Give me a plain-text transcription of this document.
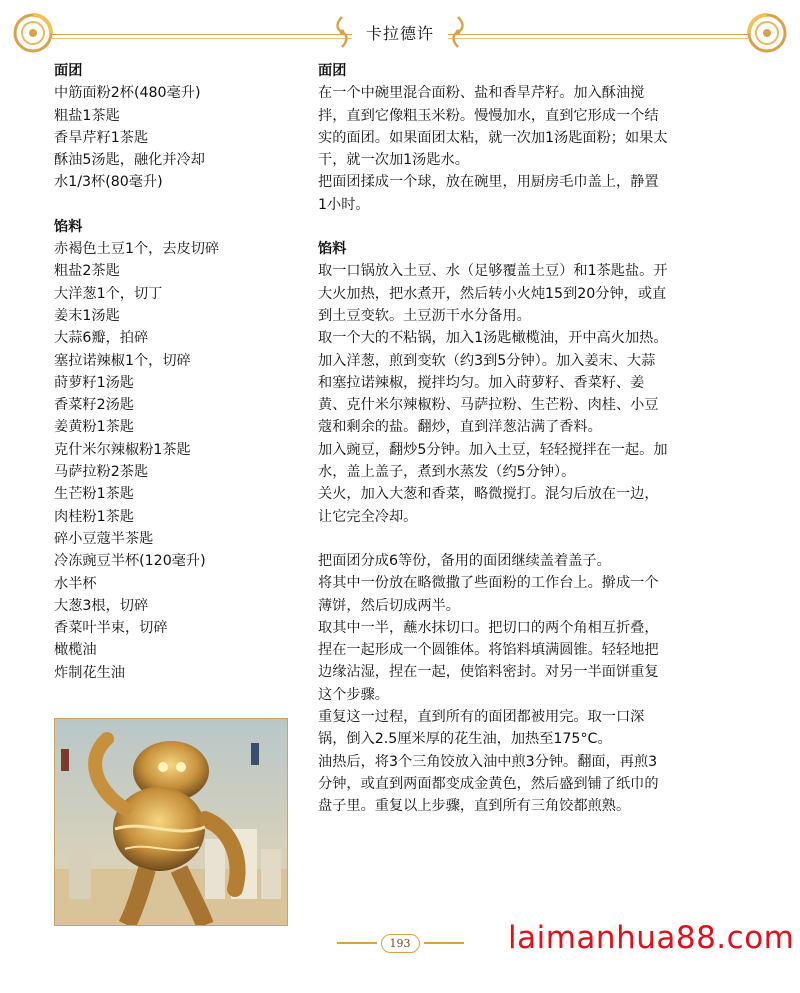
卡拉德许
面团
中筋面粉2杯(480毫升)
粗盐1茶匙
香旱芹籽1茶匙
酥油5汤匙，融化并冷却
水1/3杯(80毫升)
馅料
赤褐色土豆1个，去皮切碎
粗盐2茶匙
大洋葱1个，切丁
姜末1汤匙
大蒜6瓣，拍碎
塞拉诺辣椒1个，切碎
莳萝籽1汤匙
香菜籽2汤匙
姜黄粉1茶匙
克什米尔辣椒粉1茶匙
马萨拉粉2茶匙
生芒粉1茶匙
肉桂粉1茶匙
碎小豆蔻半茶匙
冷冻豌豆半杯(120毫升)
水半杯
大葱3根，切碎
香菜叶半束，切碎
橄榄油
炸制花生油
面团
在一个中碗里混合面粉、盐和香旱芹籽。加入酥油搅
拌，直到它像粗玉米粉。慢慢加水，直到它形成一个结
实的面团。如果面团太粘，就一次加1汤匙面粉；如果太
干，就一次加1汤匙水。
把面团揉成一个球，放在碗里，用厨房毛巾盖上，静置
1小时。
馅料
取一口锅放入土豆、水（足够覆盖土豆）和1茶匙盐。开
大火加热，把水煮开，然后转小火炖15到20分钟，或直
到土豆变软。土豆沥干水分备用。
取一个大的不粘锅，加入1汤匙橄榄油，开中高火加热。
加入洋葱，煎到变软（约3到5分钟）。加入姜末、大蒜
和塞拉诺辣椒，搅拌均匀。加入莳萝籽、香菜籽、姜
黄、克什米尔辣椒粉、马萨拉粉、生芒粉、肉桂、小豆
蔻和剩余的盐。翻炒，直到洋葱沾满了香料。
加入豌豆，翻炒5分钟。加入土豆，轻轻搅拌在一起。加
水，盖上盖子，煮到水蒸发（约5分钟）。
关火，加入大葱和香菜，略微搅打。混匀后放在一边，
让它完全冷却。
把面团分成6等份，备用的面团继续盖着盖子。
将其中一份放在略微撒了些面粉的工作台上。擀成一个
薄饼，然后切成两半。
取其中一半，蘸水抹切口。把切口的两个角相互折叠，
捏在一起形成一个圆锥体。将馅料填满圆锥。轻轻地把
边缘沾湿，捏在一起，使馅料密封。对另一半面饼重复
这个步骤。
重复这一过程，直到所有的面团都被用完。取一口深
锅，倒入2.5厘米厚的花生油，加热至175°C。
油热后，将3个三角饺放入油中煎3分钟。翻面，再煎3
分钟，或直到两面都变成金黄色，然后盛到铺了纸巾的
盘子里。重复以上步骤，直到所有三角饺都煎熟。
193	laimanhua88.com
